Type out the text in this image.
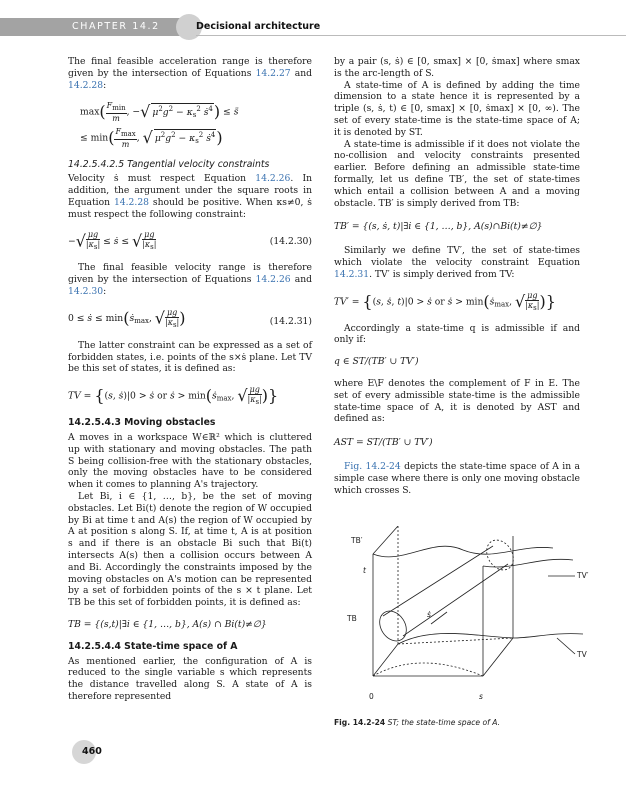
CHAPTER 14.2	Decisional architecture

The final feasible acceleration range is therefore given by the intersection of Equations 14.2.27 and 14.2.28:

$\max( \frac{Fmin}{m}$ , −√ $\mu^2g^2 - \kappa_s^2$ ṡ$^4$) ≤ s̈
≤ $\min( \frac{Fmax}{m}$ , √ $\mu^2g^2 - \kappa_s^2$ ṡ$^4$)
14.2.5.4.2.5 Tangential velocity constraints

Velocity ṡ must respect Equation 14.2.26. In addition, the argument under the square roots in Equation 14.2.28 should be positive. When κs≠0, ṡ must respect the following constraint:

−√ $\frac{\mu g}{|\kappa s|}$ ≤ ṡ ≤ √ $\frac{\mu g}{|\kappa s|}$	(14.2.30)

The final feasible velocity range is therefore given by the intersection of Equations 14.2.26 and 14.2.30:

0 ≤ ṡ ≤ min(ṡ$_{max}$, √ $\frac{\mu g}{|\kappa s|}$ )	(14.2.31)

The latter constraint can be expressed as a set of forbidden states, i.e. points of the s×ṡ plane. Let TV be this set of states, it is defined as:

TV = {(s, ṡ)|0 > ṡ or ṡ > min(ṡ$_{max}$, √ $\frac{\mu g}{|\kappa s|}$ )}
14.2.5.4.3 Moving obstacles

A moves in a workspace W∈ℝ² which is cluttered up with stationary and moving obstacles. The path S being collision-free with the stationary obstacles, only the moving obstacles have to be considered when it comes to planning A's trajectory.

Let Bi, i ∈ {1, …, b}, be the set of moving obstacles. Let Bi(t) denote the region of W occupied by Bi at time t and A(s) the region of W occupied by A at position s along S. If, at time t, A is at position s and if there is an obstacle Bi such that Bi(t) intersects A(s) then a collision occurs between A and Bi. Accordingly the constraints imposed by the moving obstacles on A's motion can be represented by a set of forbidden points of the s × t plane. Let TB be this set of forbidden points, it is defined as:

TB = {(s,t)|∃i ∈ {1, …, b}, A(s) ∩ Bi(t)≠∅}
14.2.5.4.4 State-time space of A

As mentioned earlier, the configuration of A is reduced to the single variable s which represents the distance travelled along S. A state of A is therefore represented

by a pair (s, ṡ) ∈ [0, smax] × [0, ṡmax] where smax is the arc-length of S.

A state-time of A is defined by adding the time dimension to a state hence it is represented by a triple (s, ṡ, t) ∈ [0, smax] × [0, ṡmax] × [0, ∞). The set of every state-time is the state-time space of A; it is denoted by ST.

A state-time is admissible if it does not violate the no-collision and velocity constraints presented earlier. Before defining an admissible state-time formally, let us define TB′, the set of state-times which entail a collision between A and a moving obstacle. TB′ is simply derived from TB:

TB′ = {(s, ṡ, t)|∃i ∈ {1, …, b}, A(s)∩Bi(t)≠∅}

Similarly we define TV′, the set of state-times which violate the velocity constraint Equation 14.2.31. TV′ is simply derived from TV:

TV′ = {(s, ṡ, t)|0 > ṡ or ṡ > min(ṡ$_{max}$, √ $\frac{\mu g}{|\kappa s|}$ )}

Accordingly a state-time q is admissible if and only if:

q ∈ ST/(TB′ ∪ TV′)

where E\F denotes the complement of F in E. The set of every admissible state-time is the admissible state-time space of A, it is denoted by AST and defined as:

AST = ST/(TB′ ∪ TV′)

Fig. 14.2-24 depicts the state-time space of A in a simple case where there is only one moving obstacle which crosses S.

TB′
TV′
t
TB	ṡ
TV
0	s
Fig. 14.2-24 ST; the state-time space of A.
460
